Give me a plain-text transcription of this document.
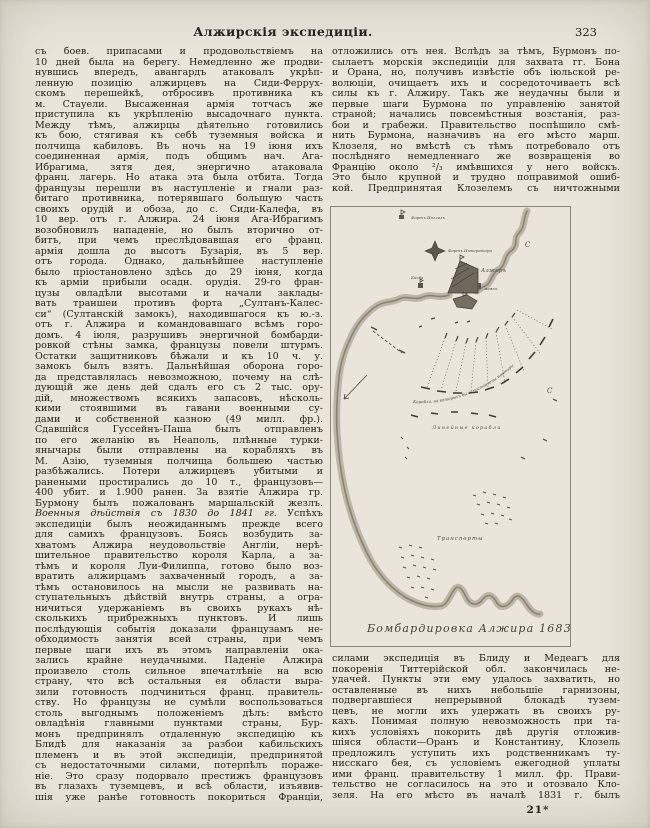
Алжирскія экспедиціи.	323
съ боев. припасами и продовольствіемъ на
10 дней была на берегу. Немедленно же продви-
нувшись впередъ, авангардъ атаковалъ укрѣп-
ленную позицію алжирцевъ на Сиди-Феррух-
скомъ перешейкѣ, отбросивъ противника къ
м. Стауели. Высаженная армія тотчасъ же
приступила къ укрѣпленію высадочнаго пункта.
Между тѣмъ, алжирцы дѣятельно готовились
къ бою, стягивая къ себѣ туземныя войска и
полчища кабиловъ. Въ ночь на 19 іюня ихъ
соединенная армія, подъ общимъ нач. Ага-
Ибрагима, зятя дея, энергично атаковала
франц. лагерь. Но атака эта была отбита. Тогда
французы перешли въ наступленіе и гнали раз-
битаго противника, потерявшаго большую часть
своихъ орудій и обоза, до с. Сиди-Калефа, въ
10 вер. отъ г. Алжира. 24 іюня Ага-Ибрагимъ
возобновилъ нападеніе, но былъ вторично от-
битъ, при чемъ преслѣдовавшая его франц.
армія дошла до высотъ Бузарія, въ 5 вер.
отъ города. Однако, дальнѣйшее наступленіе
было пріостановлено здѣсь до 29 іюня, когда
къ арміи прибыли осадн. орудія. 29-го фран-
цузы овладѣли высотами и начали заклады-
вать траншеи противъ форта „Султанъ-Калес-
си“ (Султанскій замокъ), находившагося къ ю.-з.
отъ г. Алжира и командовавшаго всѣмъ горо-
домъ. 4 іюля, разрушивъ энергичной бомбарди-
ровкой стѣны замка, французы повели штурмъ.
Остатки защитниковъ бѣжали и къ 10 ч. у.
замокъ былъ взятъ. Дальнѣйшая оборона горо-
да представлялась невозможною, почему на слѣ-
дующій же день дей сдалъ его съ 2 тыс. ору-
дій, множествомъ всякихъ запасовъ, нѣсколь-
кими стоявшими въ гавани военными су-
дами и собственной казною (49 милл. фр.).
Сдавшійся Гуссейнъ-Паша былъ отправленъ
по его желанію въ Неаполь, плѣнные турки-
янычары были отправлены на корабляхъ въ
М. Азію, туземныя полчища большею частью
разбѣжались. Потери алжирцевъ убитыми и
ранеными простирались до 10 т., французовъ—
400 убит. и 1.900 ранен. За взятіе Алжира гр.
Бурмону былъ пожалованъ маршальскій жезлъ.
Военныя дѣйствія съ 1830 до 1841 гг. Успѣхъ
экспедиціи былъ неожиданнымъ прежде всего
для самихъ французовъ. Боясь возбудить за-
хватомъ Алжира неудовольствіе Англіи, нерѣ-
шительное правительство короля Карла, а за-
тѣмъ и короля Луи-Филиппа, готово было воз-
вратить алжирцамъ захваченный городъ, а за-
тѣмъ остановилось на мысли не развивать на-
ступательныхъ дѣйствій внутрь страны, а огра-
ничиться удержаніемъ въ своихъ рукахъ нѣ-
сколькихъ прибрежныхъ пунктовъ. И лишь
послѣдующія событія доказали французамъ не-
обходимость занятія всей страны, при чемъ
первые шаги ихъ въ этомъ направленіи ока-
зались крайне неудачными. Паденіе Алжира
произвело столь сильное впечатлѣніе на всю
страну, что всѣ остальныя ея области выра-
зили готовность подчиниться франц. правитель-
ству. Но французы не сумѣли воспользоваться
столь выгоднымъ положеніемъ дѣлъ: вмѣсто
овладѣнія главными пунктами страны, Бур-
монъ предпринялъ отдаленную экспедицію къ
Блидѣ для наказанія за разбои кабильскихъ
племенъ и въ этой экспедиціи, предпринятой
съ недостаточными силами, потерпѣлъ пораже-
ніе. Это сразу подорвало престижъ французовъ
въ глазахъ туземцевъ, и всѣ области, изъявив-
шія уже ранѣе готовность покориться Франціи,
отложились отъ нея. Вслѣдъ за тѣмъ, Бурмонъ по-
сылаетъ морскія экспедиціи для захвата гг. Бона
и Орана, но, получивъ извѣстіе объ іюльской ре-
волюціи, очищаетъ ихъ и сосредоточиваетъ всѣ
силы къ г. Алжиру. Такъ же неудачны были и
первые шаги Бурмона по управленію занятой
страной; начались повсемѣстныя возстанія, раз-
бои и грабежи. Правительство поспѣшило смѣ-
нить Бурмона, назначивъ на его мѣсто марш.
Клозеля, но вмѣстѣ съ тѣмъ потребовало отъ
послѣдняго немедленнаго же возвращенія во
Францію около ²/₃ имѣвшихся у него войскъ.
Это было крупной и трудно поправимой ошиб-
кой. Предпринятая Клозелемъ съ ничтожными
Алжиръ
Фортъ Императора
Фортъ Инглизъ
Касба
маякъ
С
С
Корабли, на которыхъ были поставлены мортиры
Линейные корабли
Транспорты
Бомбардировка Алжира 1683 г.
силами экспедиція въ Блиду и Медеагъ для
покоренія Титтерійской обл. закончилась не-
удачей. Пункты эти ему удалось захватить, но
оставленные въ нихъ небольшіе гарнизоны,
подвергавшіеся непрерывной блокадѣ тузем-
цевъ, не могли ихъ удержать въ своихъ ру-
кахъ. Понимая полную невозможность при та-
кихъ условіяхъ покорить двѣ другія отложив-
шіяся области—Оранъ и Константину, Клозель
предложилъ уступить ихъ родственникамъ ту-
нисскаго бея, съ условіемъ ежегодной уплаты
ими франц. правительству 1 милл. фр. Прави-
тельство не согласилось на это и отозвало Кло-
зеля. На его мѣсто въ началѣ 1831 г. былъ
21*
